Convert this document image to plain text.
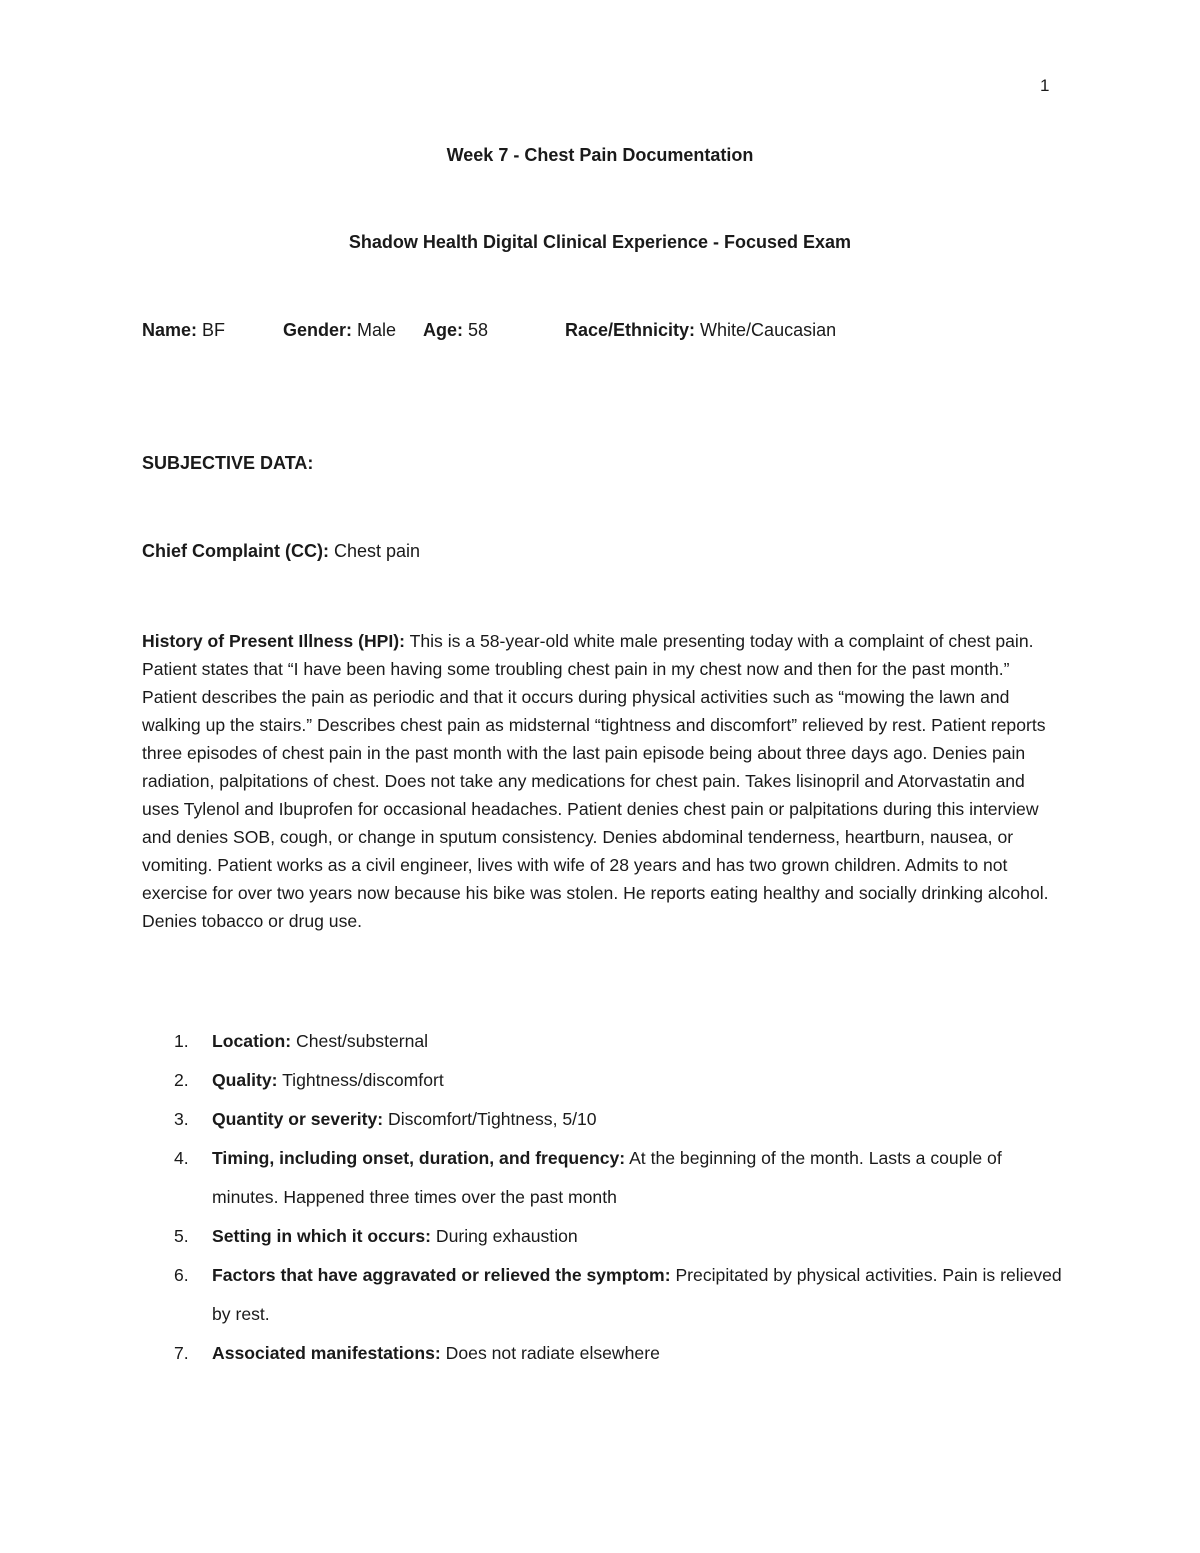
1
Week 7 - Chest Pain Documentation
Shadow Health Digital Clinical Experience - Focused Exam
Name: BF	Gender: Male Age: 58	Race/Ethnicity: White/Caucasian
SUBJECTIVE DATA:
Chief Complaint (CC): Chest pain

History of Present Illness (HPI): This is a 58-year-old white male presenting today with a complaint of chest pain. Patient states that “I have been having some troubling chest pain in my chest now and then for the past month.” Patient describes the pain as periodic and that it occurs during physical activities such as “mowing the lawn and walking up the stairs.” Describes chest pain as midsternal “tightness and discomfort” relieved by rest. Patient reports three episodes of chest pain in the past month with the last pain episode being about three days ago. Denies pain radiation, palpitations of chest. Does not take any medications for chest pain. Takes lisinopril and Atorvastatin and uses Tylenol and Ibuprofen for occasional headaches. Patient denies chest pain or palpitations during this interview and denies SOB, cough, or change in sputum consistency. Denies abdominal tenderness, heartburn, nausea, or vomiting. Patient works as a civil engineer, lives with wife of 28 years and has two grown children. Admits to not exercise for over two years now because his bike was stolen. He reports eating healthy and socially drinking alcohol. Denies tobacco or drug use.

1. Location: Chest/substernal
2. Quality: Tightness/discomfort
3. Quantity or severity: Discomfort/Tightness, 5/10
4. Timing, including onset, duration, and frequency: At the beginning of the month. Lasts a couple of minutes. Happened three times over the past month
5. Setting in which it occurs: During exhaustion
6. Factors that have aggravated or relieved the symptom: Precipitated by physical activities. Pain is relieved by rest.
7. Associated manifestations: Does not radiate elsewhere
